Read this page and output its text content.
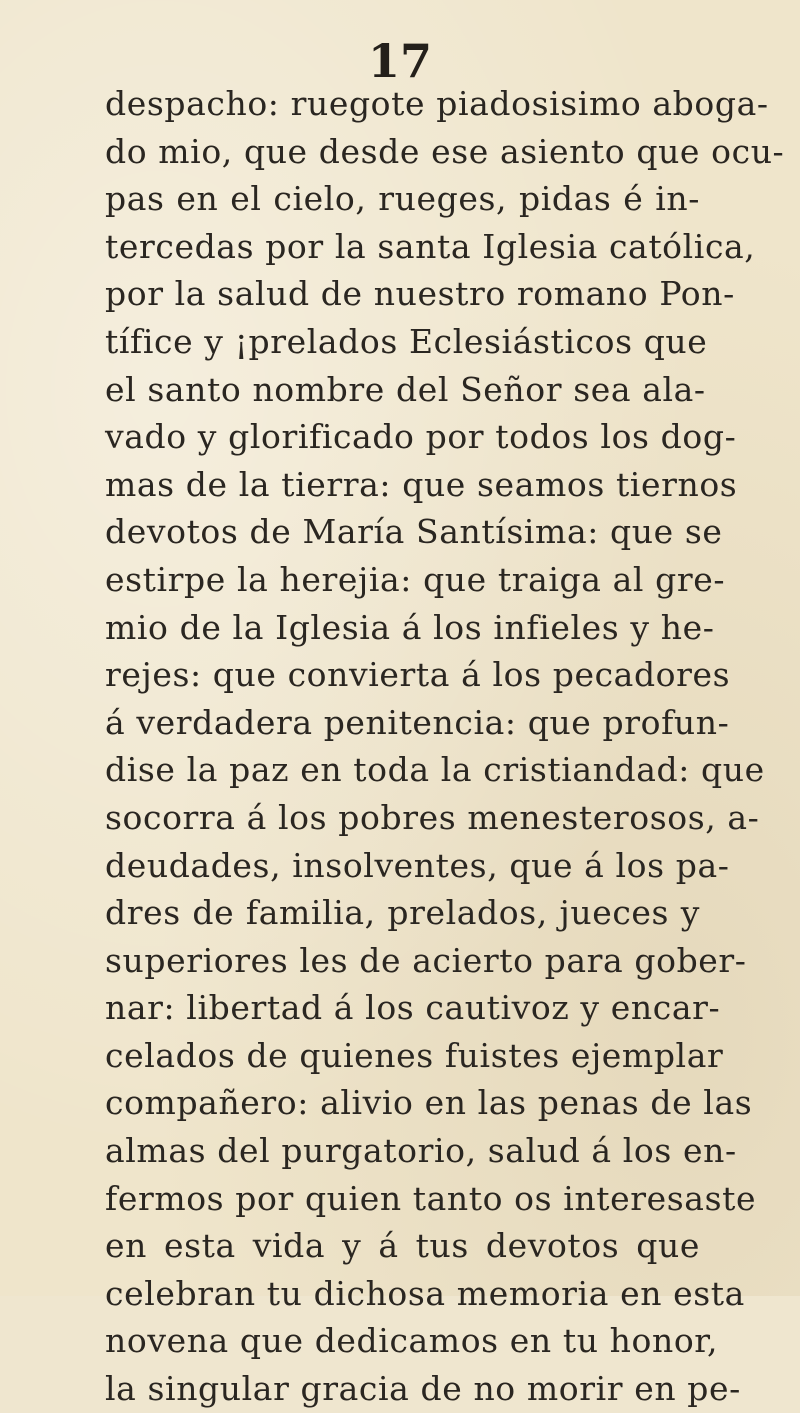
17
despacho: ruegote piadosisimo aboga-
do mio, que desde ese asiento que ocu-
pas en el cielo, rueges, pidas é in-
tercedas por la santa Iglesia católica,
por la salud de nuestro romano Pon-
tífice y ¡prelados Eclesiásticos que
el santo nombre del Señor sea ala-
vado y glorificado por todos los dog-
mas de la tierra: que seamos tiernos
devotos de María Santísima: que se
estirpe la herejia: que traiga al gre-
mio de la Iglesia á los infieles y he-
rejes: que convierta á los pecadores
á verdadera penitencia: que profun-
dise la paz en toda la cristiandad: que
socorra á los pobres menesterosos, a-
deudades, insolventes, que á los pa-
dres de familia, prelados, jueces y
superiores les de acierto para gober-
nar: libertad á los cautivoz y encar-
celados de quienes fuistes ejemplar
compañero: alivio en las penas de las
almas del purgatorio, salud á los en-
fermos por quien tanto os interesaste
en esta vida y á tus devotos que
celebran tu dichosa memoria en esta
novena que dedicamos en tu honor,
la singular gracia de no morir en pe-
